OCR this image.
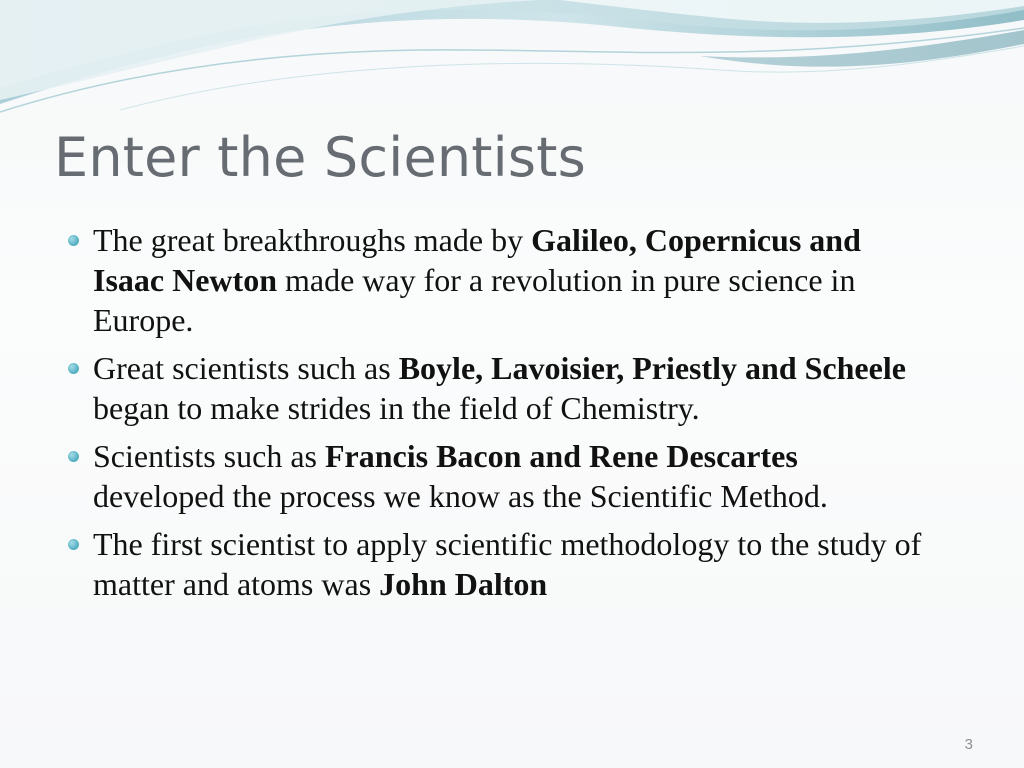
Enter the Scientists
The great breakthroughs made by Galileo, Copernicus and Isaac Newton made way for a revolution in pure science in Europe.
Great scientists such as Boyle, Lavoisier, Priestly and Scheele began to make strides in the field of Chemistry.
Scientists such as Francis Bacon and Rene Descartes developed the process we know as the Scientific Method.
The first scientist to apply scientific methodology to the study of matter and atoms was John Dalton
3
